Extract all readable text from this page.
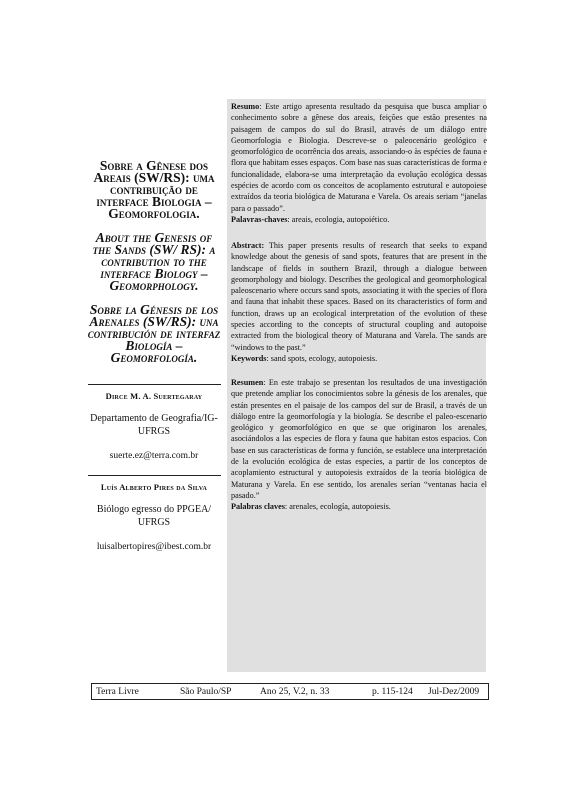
Sobre a Gênese dos Areais (SW/RS): uma contribuição de interface Biologia – Geomorfologia.

About the Genesis of the Sands (SW/ RS): a contribution to the interface Biology – Geomorphology.

Sobre la Génesis de los Arenales (SW/RS): una contribución de interfaz Biología – Geomorfología.

Dirce M. A. Suertegaray

Departamento de Geografia/IG-UFRGS

suerte.ez@terra.com.br

Luís Alberto Pires da Silva

Biólogo egresso do PPGEA/ UFRGS

luisalbertopires@ibest.com.br

Resumo: Este artigo apresenta resultado da pesquisa que busca ampliar o conhecimento sobre a gênese dos areais, feições que estão presentes na paisagem de campos do sul do Brasil, através de um diálogo entre Geomorfologia e Biologia. Descreve-se o paleocenário geológico e geomorfológico de ocorrência dos areais, associando-o às espécies de fauna e flora que habitam esses espaços. Com base nas suas características de forma e funcionalidade, elabora-se uma interpretação da evolução ecológica dessas espécies de acordo com os conceitos de acoplamento estrutural e autopoiese extraídos da teoria biológica de Maturana e Varela. Os areais seriam “janelas para o passado”.
Palavras-chaves: areais, ecologia, autopoiético.
Abstract: This paper presents results of research that seeks to expand knowledge about the genesis of sand spots, features that are present in the landscape of fields in southern Brazil, through a dialogue between geomorphology and biology. Describes the geological and geomorphological paleoscenario where occurs sand spots, associating it with the species of flora and fauna that inhabit these spaces. Based on its characteristics of form and function, draws up an ecological interpretation of the evolution of these species according to the concepts of structural coupling and autopoise extracted from the biological theory of Maturana and Varela. The sands are “windows to the past.”
Keywords: sand spots, ecology, autopoiesis.
Resumen: En este trabajo se presentan los resultados de una investigación que pretende ampliar los conocimientos sobre la génesis de los arenales, que están presentes en el paisaje de los campos del sur de Brasil, a través de un diálogo entre la geomorfología y la biología. Se describe el paleo-escenario geológico y geomorfológico en que se que originaron los arenales, asociándolos a las especies de flora y fauna que habitan estos espacios. Con base en sus características de forma y función, se establece una interpretación de la evolución ecológica de estas especies, a partir de los conceptos de acoplamiento estructural y autopoiesis extraídos de la teoría biológica de Maturana y Varela. En ese sentido, los arenales serían “ventanas hacia el pasado.”
Palabras claves: arenales, ecología, autopoiesis.
Terra Livre	São Paulo/SP	Ano 25, V.2, n. 33	p. 115-124	Jul-Dez/2009
